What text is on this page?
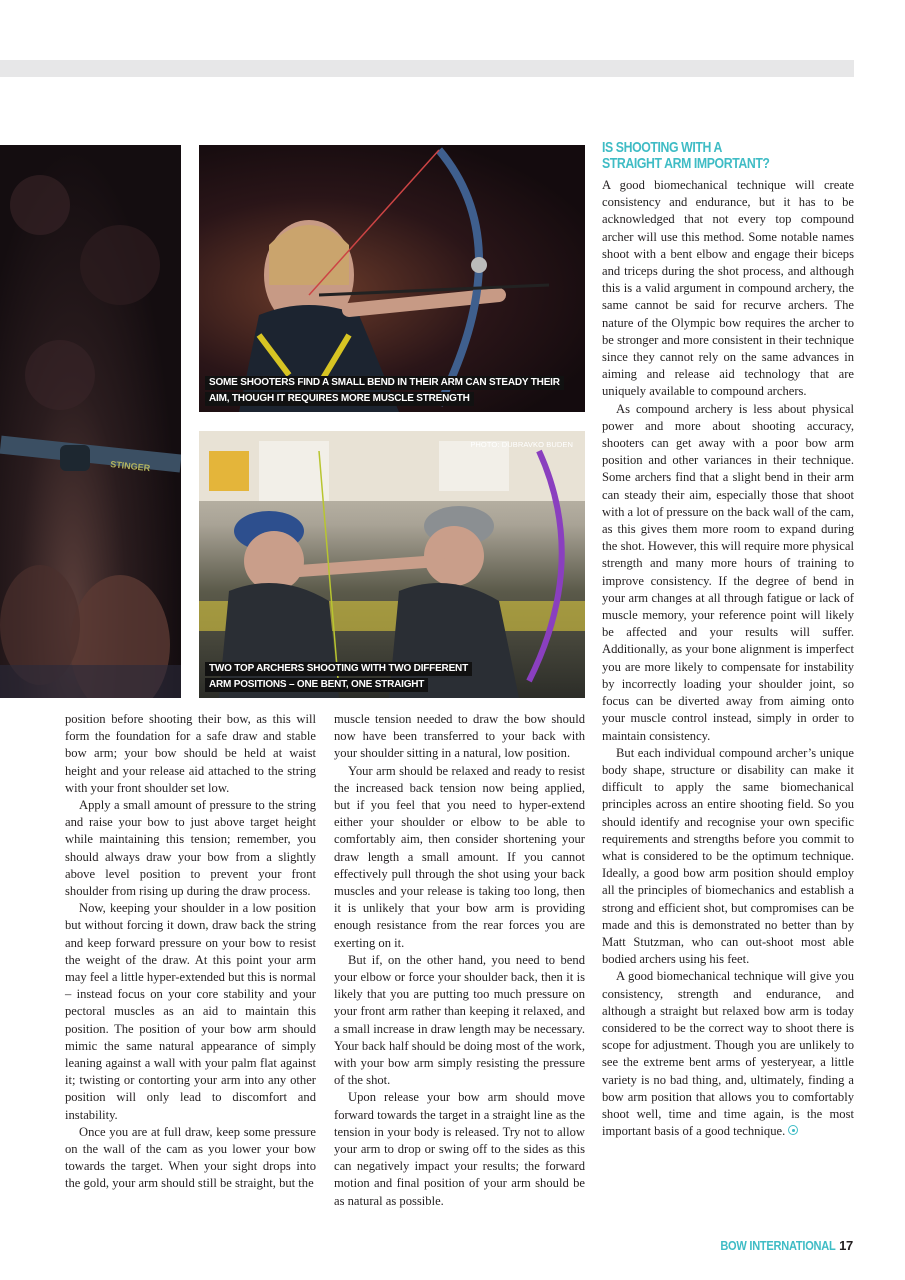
STINGER
SOME SHOOTERS FIND A SMALL BEND IN THEIR ARM CAN STEADY THEIR
AIM, THOUGH IT REQUIRES MORE MUSCLE STRENGTH
PHOTO: DUBRAVKO BUDEN
TWO TOP ARCHERS SHOOTING WITH TWO DIFFERENT
ARM POSITIONS – ONE BENT, ONE STRAIGHT

position before shooting their bow, as this will form the foundation for a safe draw and stable bow arm; your bow should be held at waist height and your release aid attached to the string with your front shoulder set low.

Apply a small amount of pressure to the string and raise your bow to just above target height while maintaining this tension; remember, you should always draw your bow from a slightly above level position to prevent your front shoulder from rising up during the draw process.

Now, keeping your shoulder in a low position but without forcing it down, draw back the string and keep forward pressure on your bow to resist the weight of the draw. At this point your arm may feel a little hyper-extended but this is normal – instead focus on your core stability and your pectoral muscles as an aid to maintain this position. The position of your bow arm should mimic the same natural appearance of simply leaning against a wall with your palm flat against it; twisting or contorting your arm into any other position will only lead to discomfort and instability.

Once you are at full draw, keep some pressure on the wall of the cam as you lower your bow towards the target. When your sight drops into the gold, your arm should still be straight, but the

muscle tension needed to draw the bow should now have been transferred to your back with your shoulder sitting in a natural, low position.

Your arm should be relaxed and ready to resist the increased back tension now being applied, but if you feel that you need to hyper-extend either your shoulder or elbow to be able to comfortably aim, then consider shortening your draw length a small amount. If you cannot effectively pull through the shot using your back muscles and your release is taking too long, then it is unlikely that your bow arm is providing enough resistance from the rear forces you are exerting on it.

But if, on the other hand, you need to bend your elbow or force your shoulder back, then it is likely that you are putting too much pressure on your front arm rather than keeping it relaxed, and a small increase in draw length may be necessary. Your back half should be doing most of the work, with your bow arm simply resisting the pressure of the shot.

Upon release your bow arm should move forward towards the target in a straight line as the tension in your body is released. Try not to allow your arm to drop or swing off to the sides as this can negatively impact your results; the forward motion and final position of your arm should be as natural as possible.

IS SHOOTING WITH A
STRAIGHT ARM IMPORTANT?

A good biomechanical technique will create consistency and endurance, but it has to be acknowledged that not every top compound archer will use this method. Some notable names shoot with a bent elbow and engage their biceps and triceps during the shot process, and although this is a valid argument in compound archery, the same cannot be said for recurve archers. The nature of the Olympic bow requires the archer to be stronger and more consistent in their technique since they cannot rely on the same advances in aiming and release aid technology that are uniquely available to compound archers.

As compound archery is less about physical power and more about shooting accuracy, shooters can get away with a poor bow arm position and other variances in their technique. Some archers find that a slight bend in their arm can steady their aim, especially those that shoot with a lot of pressure on the back wall of the cam, as this gives them more room to expand during the shot. However, this will require more physical strength and many more hours of training to improve consistency. If the degree of bend in your arm changes at all through fatigue or lack of muscle memory, your reference point will likely be affected and your results will suffer. Additionally, as your bone alignment is imperfect you are more likely to compensate for instability by incorrectly loading your shoulder joint, so focus can be diverted away from aiming onto your muscle control instead, simply in order to maintain consistency.

But each individual compound archer’s unique body shape, structure or disability can make it difficult to apply the same biomechanical principles across an entire shooting field. So you should identify and recognise your own specific requirements and strengths before you commit to what is considered to be the optimum technique. Ideally, a good bow arm position should employ all the principles of biomechanics and establish a strong and efficient shot, but compromises can be made and this is demonstrated no better than by Matt Stutzman, who can out-shoot most able bodied archers using his feet.

A good biomechanical technique will give you consistency, strength and endurance, and although a straight but relaxed bow arm is today considered to be the correct way to shoot there is scope for adjustment. Though you are unlikely to see the extreme bent arms of yesteryear, a little variety is no bad thing, and, ultimately, finding a bow arm position that allows you to comfortably shoot well, time and time again, is the most important basis of a good technique.

BOW INTERNATIONAL 17
